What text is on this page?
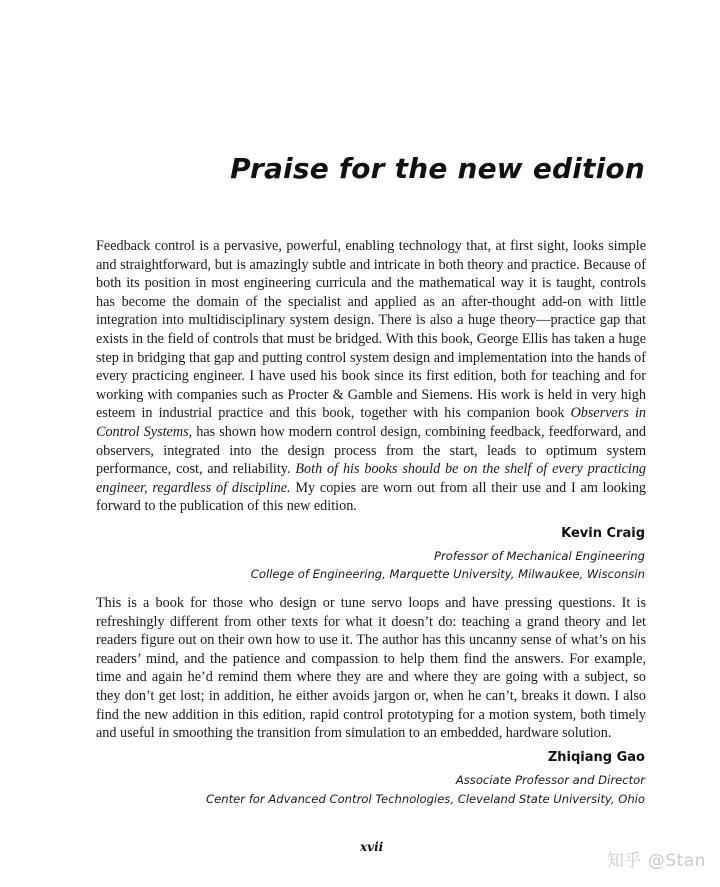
Praise for the new edition

Feedback control is a pervasive, powerful, enabling technology that, at first sight, looks simple and straightforward, but is amazingly subtle and intricate in both theory and practice. Because of both its position in most engineering curricula and the mathematical way it is taught, controls has become the domain of the specialist and applied as an after-thought add-on with little integration into multidisciplinary system design. There is also a huge theory—practice gap that exists in the field of controls that must be bridged. With this book, George Ellis has taken a huge step in bridging that gap and putting control system design and implementation into the hands of every practicing engineer. I have used his book since its first edition, both for teaching and for working with companies such as Procter & Gamble and Siemens. His work is held in very high esteem in industrial practice and this book, together with his companion book Observers in Control Systems, has shown how modern control design, combining feedback, feedforward, and observers, integrated into the design process from the start, leads to optimum system performance, cost, and reliability. Both of his books should be on the shelf of every practicing engineer, regardless of discipline. My copies are worn out from all their use and I am looking forward to the publication of this new edition.

Kevin Craig
Professor of Mechanical Engineering
College of Engineering, Marquette University, Milwaukee, Wisconsin

This is a book for those who design or tune servo loops and have pressing questions. It is refreshingly different from other texts for what it doesn’t do: teaching a grand theory and let readers figure out on their own how to use it. The author has this uncanny sense of what’s on his readers’ mind, and the patience and compassion to help them find the answers. For example, time and again he’d remind them where they are and where they are going with a subject, so they don’t get lost; in addition, he either avoids jargon or, when he can’t, breaks it down. I also find the new addition in this edition, rapid control prototyping for a motion system, both timely and useful in smoothing the transition from simulation to an embedded, hardware solution.

Zhiqiang Gao
Associate Professor and Director
Center for Advanced Control Technologies, Cleveland State University, Ohio
xvii
知乎 @Stan
